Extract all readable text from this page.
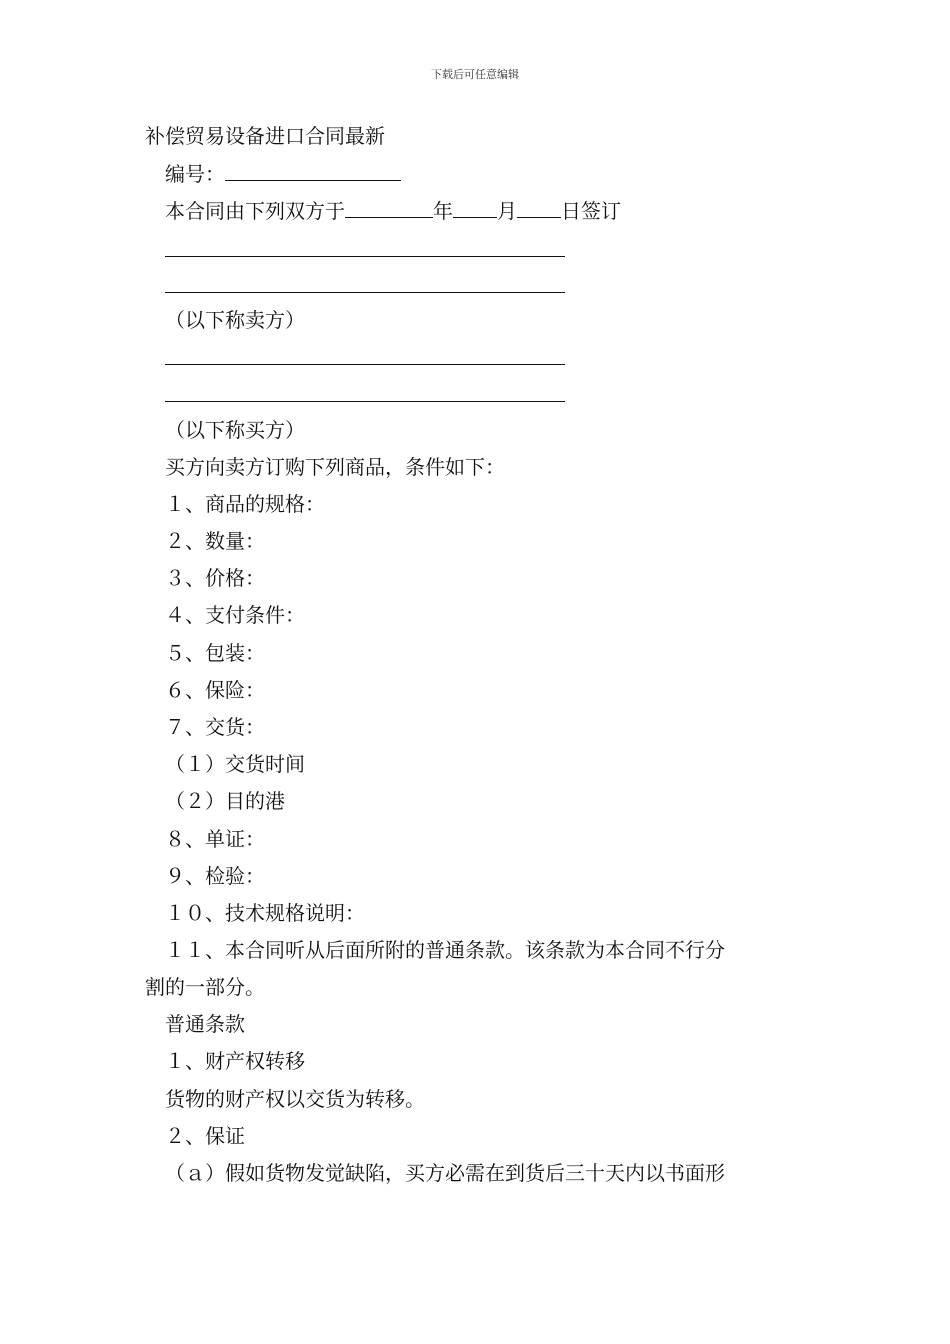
下载后可任意编辑
补偿贸易设备进口合同最新
编号：
本合同由下列双方于	年 月 日签订
（以下称卖方）
（以下称买方）
买方向卖方订购下列商品，条件如下：
１、商品的规格：
２、数量：
３、价格：
４、支付条件：
５、包装：
６、保险：
７、交货：
（１）交货时间
（２）目的港
８、单证：
９、检验：
１０、技术规格说明：
１１、本合同听从后面所附的普通条款。该条款为本合同不行分
割的一部分。
普通条款
１、财产权转移
货物的财产权以交货为转移。
２、保证
（ａ）假如货物发觉缺陷，买方必需在到货后三十天内以书面形
